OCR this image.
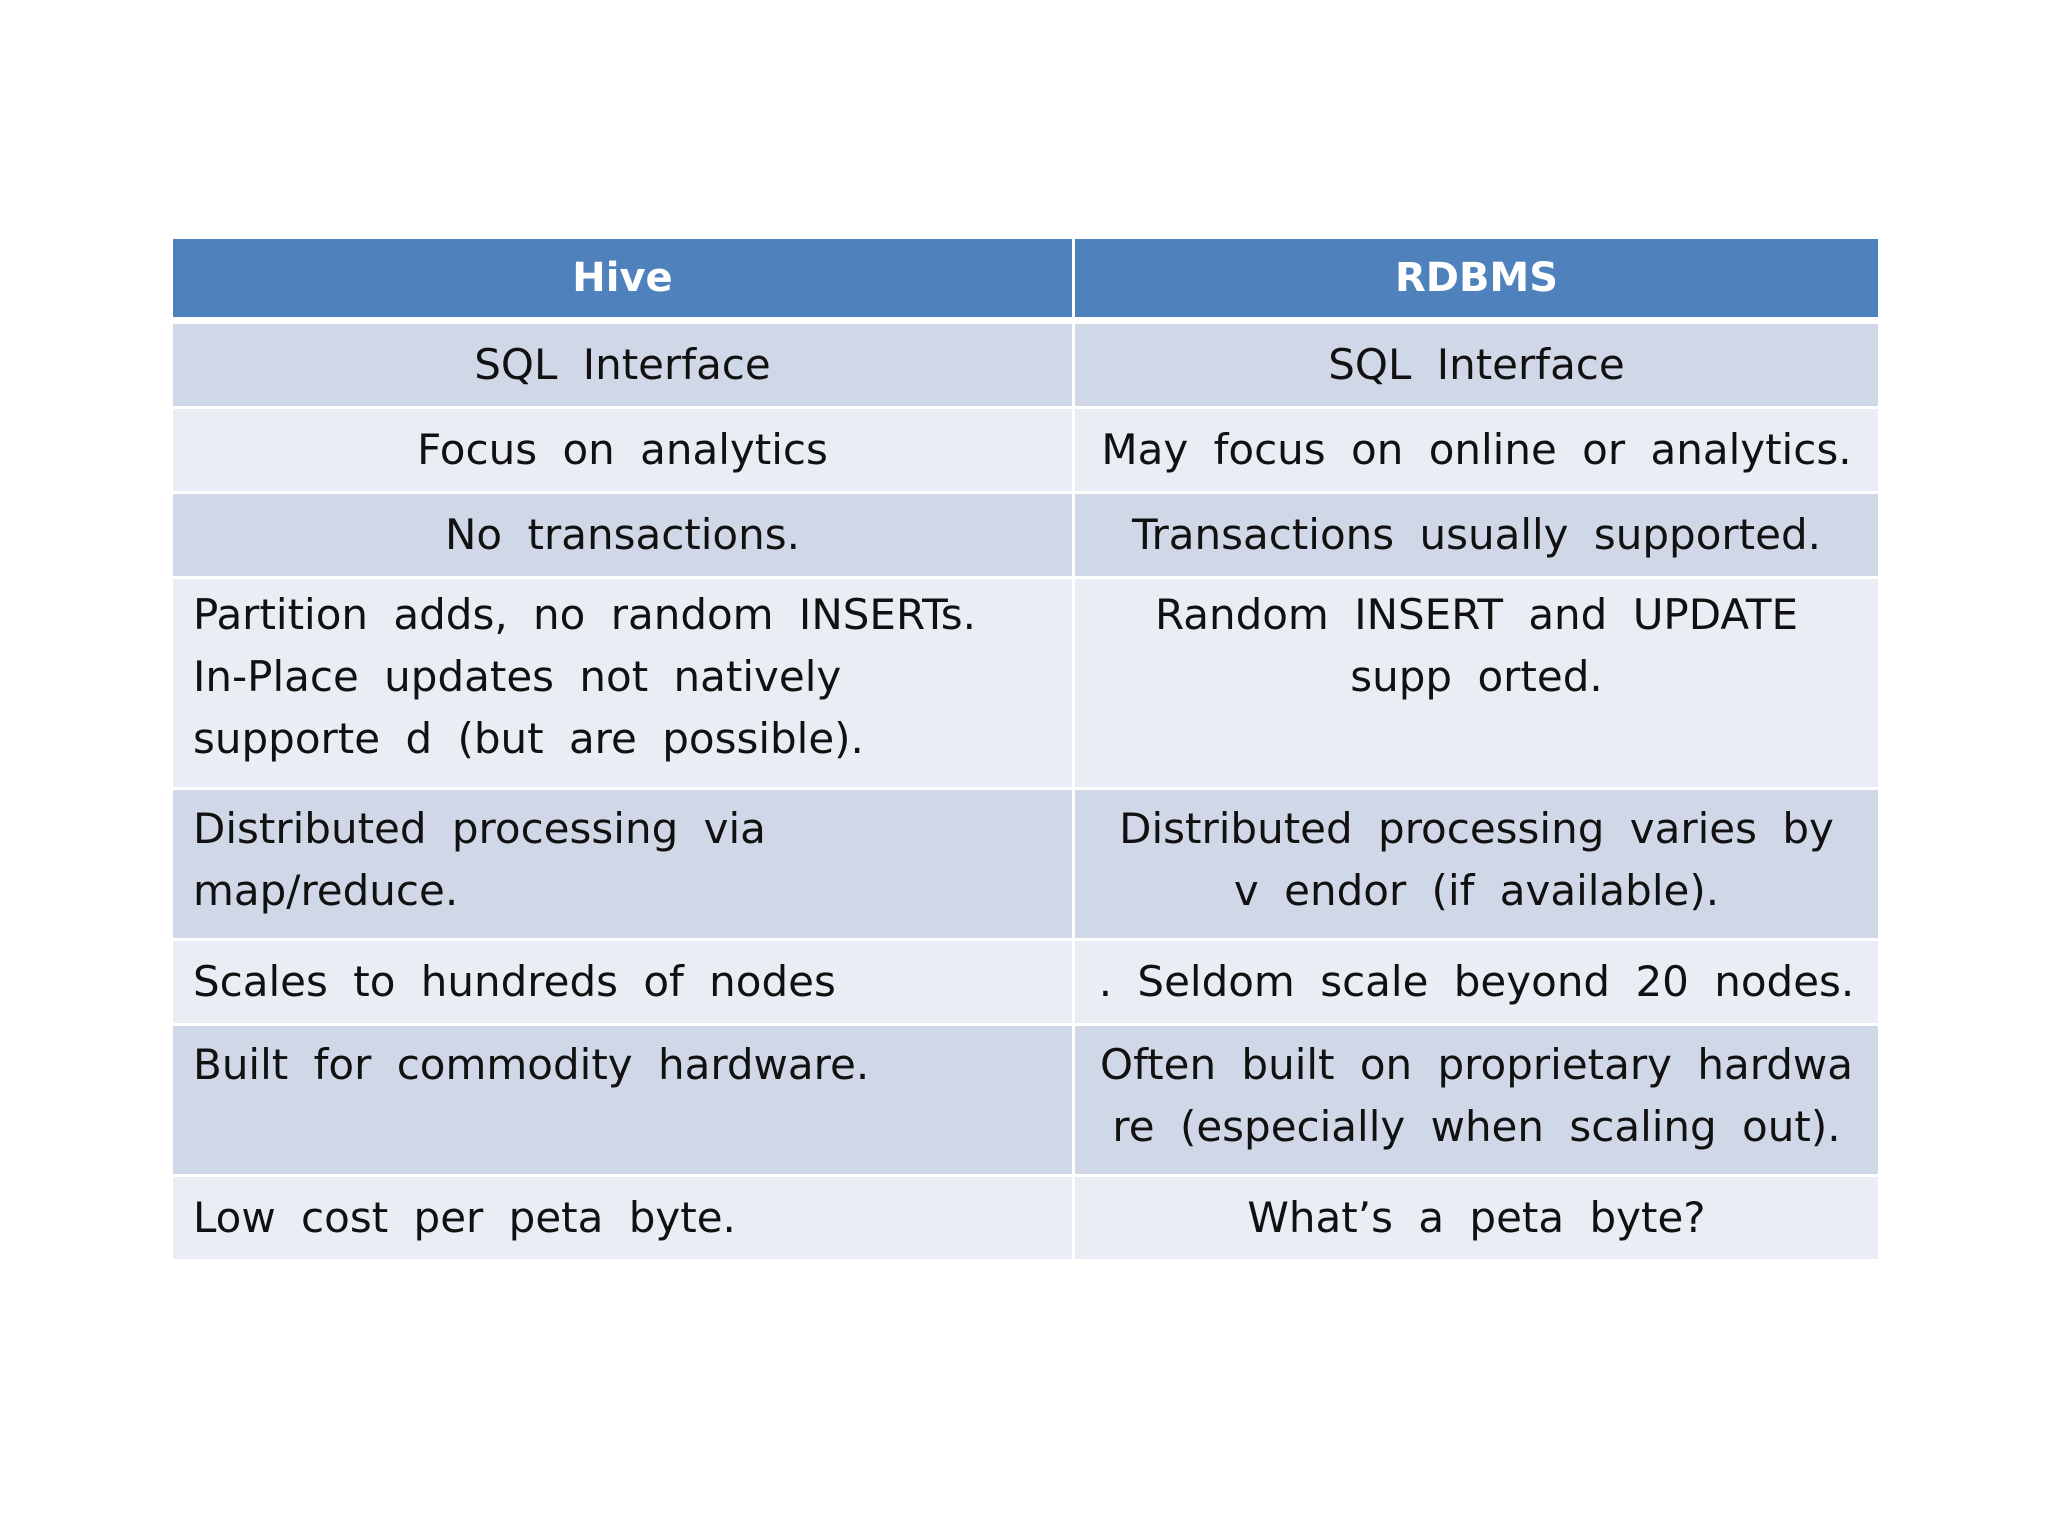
Hive	RDBMS
SQL Interface	SQL Interface
Focus on analytics	May focus on online or analytics.
No transactions.	Transactions usually supported.
Partition adds, no random INSERTs. In-Place updates not natively supporte d (but are possible).	Random INSERT and UPDATE supp orted.
Distributed processing via map/reduce.	Distributed processing varies by v endor (if available).
Scales to hundreds of nodes	. Seldom scale beyond 20 nodes.
Built for commodity hardware.	Often built on proprietary hardwa re (especially when scaling out).
Low cost per peta byte.	What’s a peta byte?
